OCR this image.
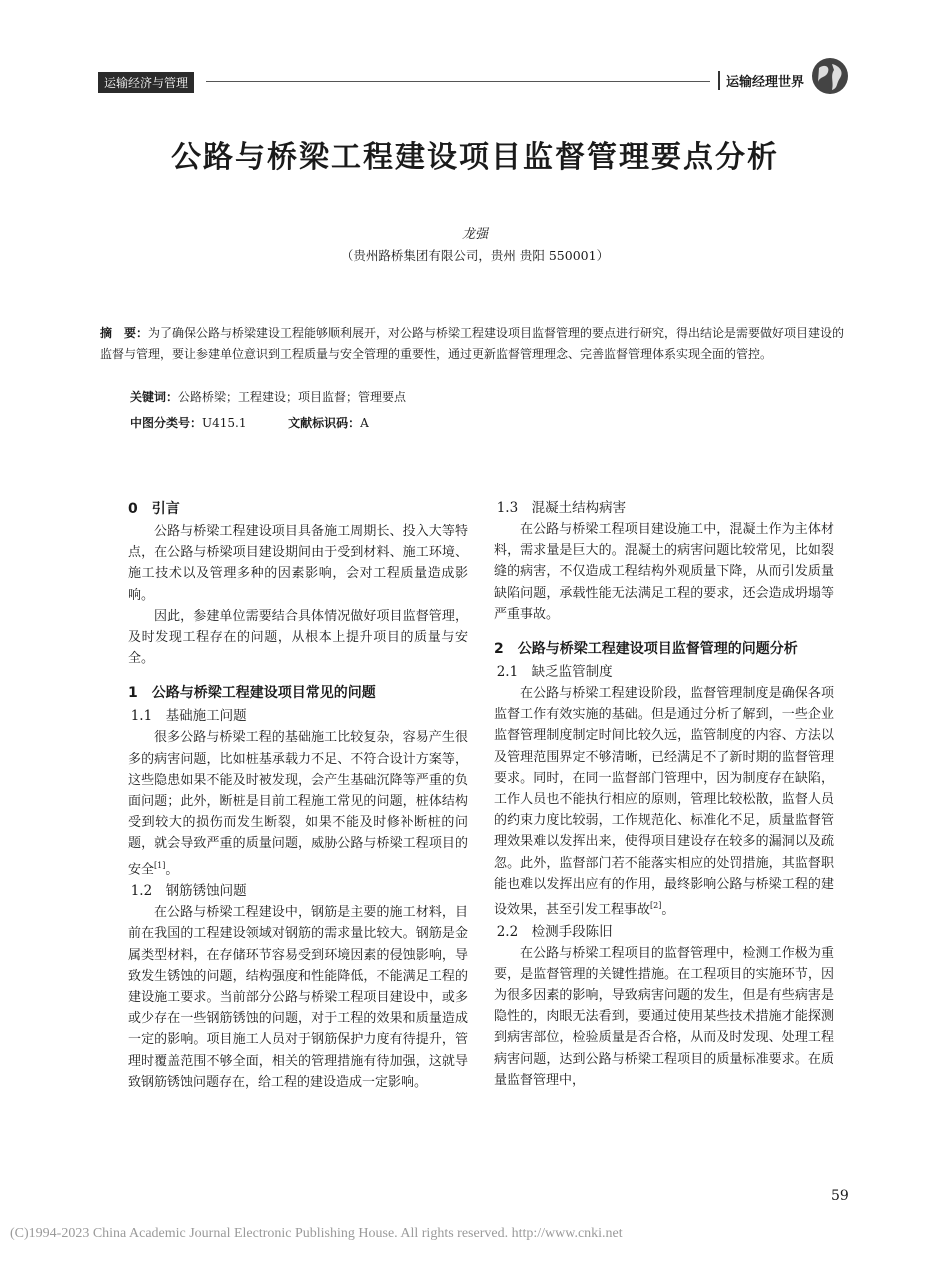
运输经济与管理	运输经理世界
公路与桥梁工程建设项目监督管理要点分析
龙强
（贵州路桥集团有限公司，贵州 贵阳 550001）
摘　要：为了确保公路与桥梁建设工程能够顺利展开，对公路与桥梁工程建设项目监督管理的要点进行研究，得出结论是需要做好项目建设的监督与管理，要让参建单位意识到工程质量与安全管理的重要性，通过更新监督管理理念、完善监督管理体系实现全面的管控。
关键词：公路桥梁；工程建设；项目监督；管理要点
中图分类号：U415.1	文献标识码：A
0　引言

公路与桥梁工程建设项目具备施工周期长、投入大等特点，在公路与桥梁项目建设期间由于受到材料、施工环境、施工技术以及管理多种的因素影响，会对工程质量造成影响。

因此，参建单位需要结合具体情况做好项目监督管理，及时发现工程存在的问题，从根本上提升项目的质量与安全。

1　公路与桥梁工程建设项目常见的问题
1.1　基础施工问题

很多公路与桥梁工程的基础施工比较复杂，容易产生很多的病害问题，比如桩基承载力不足、不符合设计方案等，这些隐患如果不能及时被发现，会产生基础沉降等严重的负面问题；此外，断桩是目前工程施工常见的问题，桩体结构受到较大的损伤而发生断裂，如果不能及时修补断桩的问题，就会导致严重的质量问题，威胁公路与桥梁工程项目的安全[1]。

1.2　钢筋锈蚀问题

在公路与桥梁工程建设中，钢筋是主要的施工材料，目前在我国的工程建设领域对钢筋的需求量比较大。钢筋是金属类型材料，在存储环节容易受到环境因素的侵蚀影响，导致发生锈蚀的问题，结构强度和性能降低，不能满足工程的建设施工要求。当前部分公路与桥梁工程项目建设中，或多或少存在一些钢筋锈蚀的问题，对于工程的效果和质量造成一定的影响。项目施工人员对于钢筋保护力度有待提升，管理时覆盖范围不够全面，相关的管理措施有待加强，这就导致钢筋锈蚀问题存在，给工程的建设造成一定影响。

1.3　混凝土结构病害

在公路与桥梁工程项目建设施工中，混凝土作为主体材料，需求量是巨大的。混凝土的病害问题比较常见，比如裂缝的病害，不仅造成工程结构外观质量下降，从而引发质量缺陷问题，承载性能无法满足工程的要求，还会造成坍塌等严重事故。

2　公路与桥梁工程建设项目监督管理的问题分析
2.1　缺乏监管制度

在公路与桥梁工程建设阶段，监督管理制度是确保各项监督工作有效实施的基础。但是通过分析了解到，一些企业监督管理制度制定时间比较久远，监管制度的内容、方法以及管理范围界定不够清晰，已经满足不了新时期的监督管理要求。同时，在同一监督部门管理中，因为制度存在缺陷，工作人员也不能执行相应的原则，管理比较松散，监督人员的约束力度比较弱，工作规范化、标准化不足，质量监督管理效果难以发挥出来，使得项目建设存在较多的漏洞以及疏忽。此外，监督部门若不能落实相应的处罚措施，其监督职能也难以发挥出应有的作用，最终影响公路与桥梁工程的建设效果，甚至引发工程事故[2]。

2.2　检测手段陈旧

在公路与桥梁工程项目的监督管理中，检测工作极为重要，是监督管理的关键性措施。在工程项目的实施环节，因为很多因素的影响，导致病害问题的发生，但是有些病害是隐性的，肉眼无法看到，要通过使用某些技术措施才能探测到病害部位，检验质量是否合格，从而及时发现、处理工程病害问题，达到公路与桥梁工程项目的质量标准要求。在质量监督管理中，

59
(C)1994-2023 China Academic Journal Electronic Publishing House. All rights reserved. http://www.cnki.net
